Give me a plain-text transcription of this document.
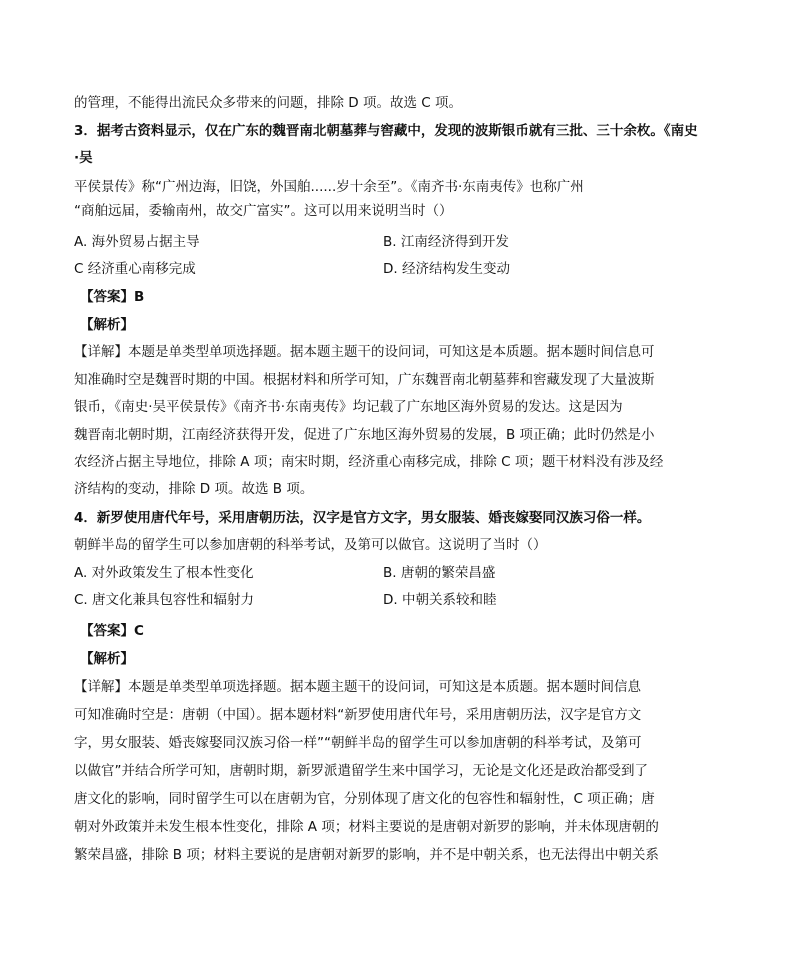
的管理，不能得出流民众多带来的问题，排除 D 项。故选 C 项。
3．据考古资料显示，仅在广东的魏晋南北朝墓葬与窖藏中，发现的波斯银币就有三批、三十余枚。《南史
·吴
平侯景传》称“广州边海，旧饶，外国舶......岁十余至”。《南齐书·东南夷传》也称广州
“商舶远届，委输南州，故交广富实”。这可以用来说明当时（）
A. 海外贸易占据主导	B. 江南经济得到开发
C 经济重心南移完成	D. 经济结构发生变动
【答案】B
【解析】
【详解】本题是单类型单项选择题。据本题主题干的设问词，可知这是本质题。据本题时间信息可
知准确时空是魏晋时期的中国。根据材料和所学可知，广东魏晋南北朝墓葬和窖藏发现了大量波斯
银币，《南史·吴平侯景传》《南齐书·东南夷传》均记载了广东地区海外贸易的发达。这是因为
魏晋南北朝时期，江南经济获得开发，促进了广东地区海外贸易的发展，B 项正确；此时仍然是小
农经济占据主导地位，排除 A 项；南宋时期，经济重心南移完成，排除 C 项；题干材料没有涉及经
济结构的变动，排除 D 项。故选 B 项。
4．新罗使用唐代年号，采用唐朝历法，汉字是官方文字，男女服装、婚丧嫁娶同汉族习俗一样。
朝鲜半岛的留学生可以参加唐朝的科举考试，及第可以做官。这说明了当时（）
A. 对外政策发生了根本性变化	B. 唐朝的繁荣昌盛
C. 唐文化兼具包容性和辐射力	D. 中朝关系较和睦
【答案】C
【解析】
【详解】本题是单类型单项选择题。据本题主题干的设问词，可知这是本质题。据本题时间信息
可知准确时空是：唐朝（中国）。据本题材料“新罗使用唐代年号，采用唐朝历法，汉字是官方文
字，男女服装、婚丧嫁娶同汉族习俗一样”“朝鲜半岛的留学生可以参加唐朝的科举考试，及第可
以做官”并结合所学可知，唐朝时期，新罗派遣留学生来中国学习，无论是文化还是政治都受到了
唐文化的影响，同时留学生可以在唐朝为官，分别体现了唐文化的包容性和辐射性，C 项正确；唐
朝对外政策并未发生根本性变化，排除 A 项；材料主要说的是唐朝对新罗的影响，并未体现唐朝的
繁荣昌盛，排除 B 项；材料主要说的是唐朝对新罗的影响，并不是中朝关系，也无法得出中朝关系
